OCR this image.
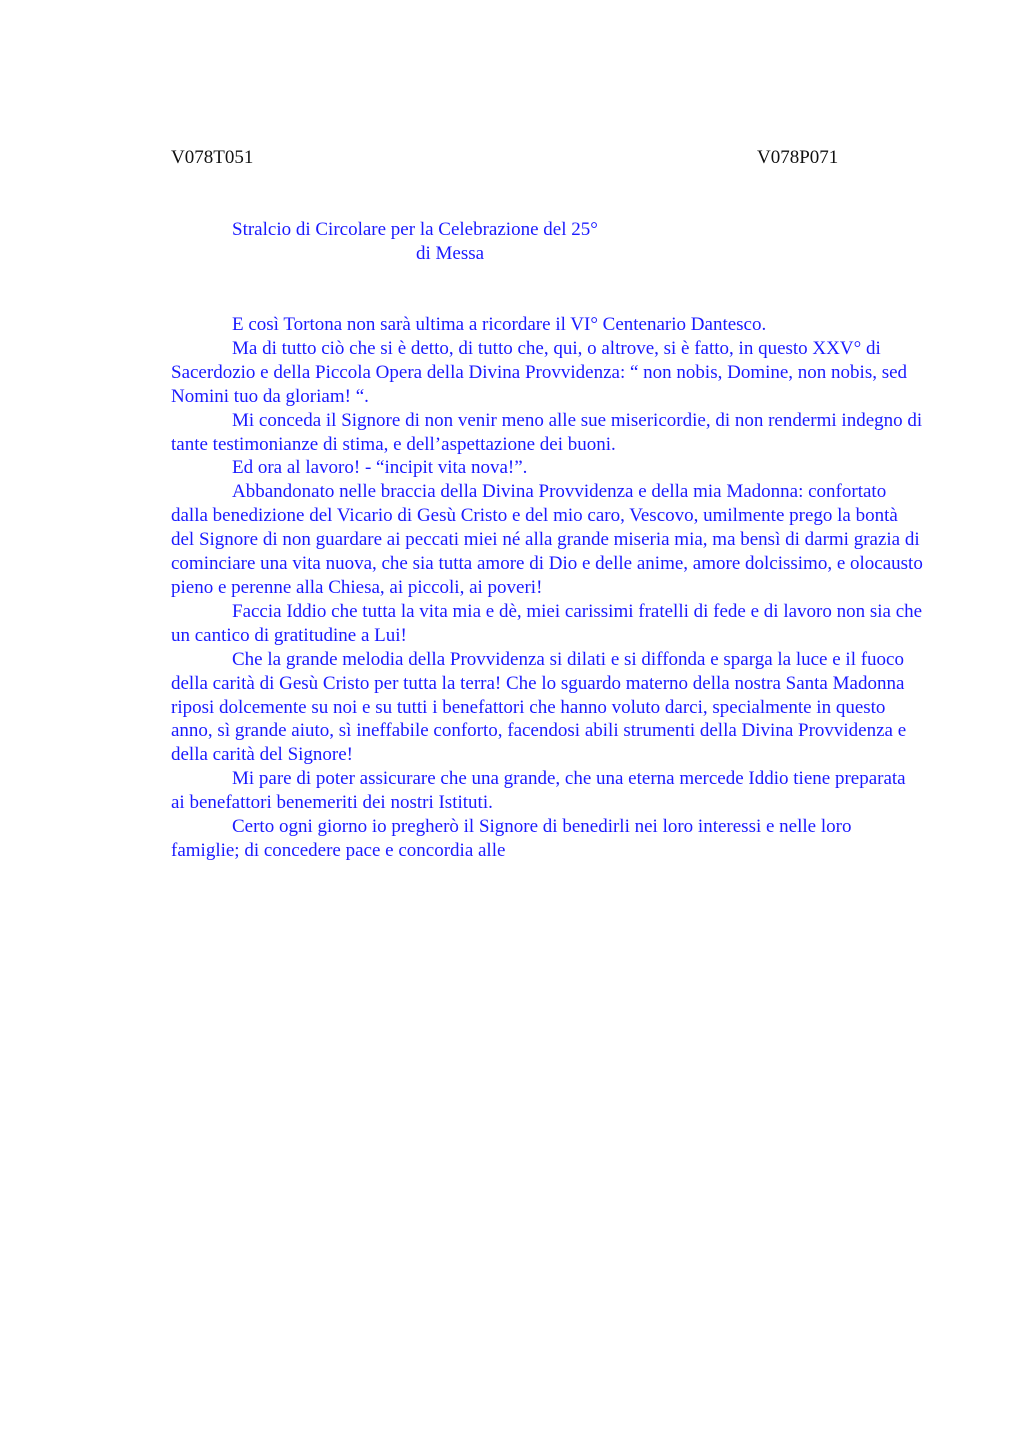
V078T051	V078P071
Stralcio di Circolare per la Celebrazione del 25°
di Messa

E così Tortona non sarà ultima a ricordare il VI° Centenario Dantesco.

Ma di tutto ciò che si è detto, di tutto che, qui, o altrove, si è fatto, in questo XXV° di Sacerdozio e della Piccola Opera della Divina Provvidenza: “ non nobis, Domine, non nobis, sed Nomini tuo da gloriam! “.

Mi conceda il Signore di non venir meno alle sue misericordie, di non rendermi indegno di tante testimonianze di stima, e dell’aspettazione dei buoni.

Ed ora al lavoro! - “incipit vita nova!”.

Abbandonato nelle braccia della Divina Provvidenza e della mia Madonna: confortato dalla benedizione del Vicario di Gesù Cristo e del mio caro, Vescovo, umilmente prego la bontà del Signore di non guardare ai peccati miei né alla grande miseria mia, ma bensì di darmi grazia di cominciare una vita nuova, che sia tutta amore di Dio e delle anime, amore dolcissimo, e olocausto pieno e perenne alla Chiesa, ai piccoli, ai poveri!

Faccia Iddio che tutta la vita mia e dè, miei carissimi fratelli di fede e di lavoro non sia che un cantico di gratitudine a Lui!

Che la grande melodia della Provvidenza si dilati e si diffonda e sparga la luce e il fuoco della carità di Gesù Cristo per tutta la terra! Che lo sguardo materno della nostra Santa Madonna riposi dolcemente su noi e su tutti i benefattori che hanno voluto darci, specialmente in questo anno, sì grande aiuto, sì ineffabile conforto, facendosi abili strumenti della Divina Provvidenza e della carità del Signore!

Mi pare di poter assicurare che una grande, che una eterna mercede Iddio tiene preparata ai benefattori benemeriti dei nostri Istituti.

Certo ogni giorno io pregherò il Signore di benedirli nei loro interessi e nelle loro famiglie; di concedere pace e concordia alle
